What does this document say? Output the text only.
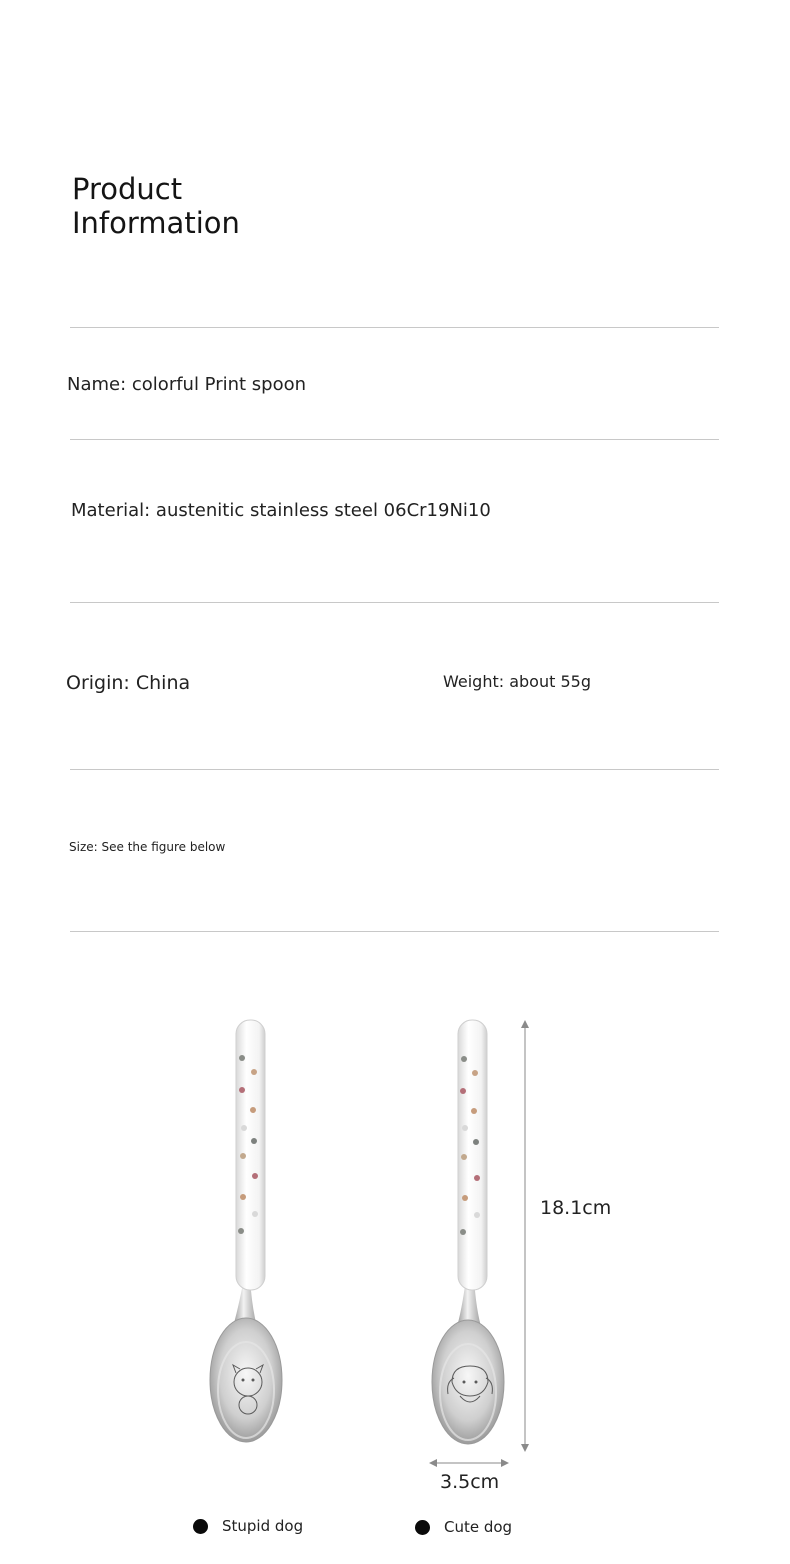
Product
Information
Name: colorful Print spoon
Material: austenitic stainless steel 06Cr19Ni10
Origin: China	Weight: about 55g
Size: See the figure below
18.1cm
3.5cm
Stupid dog	Cute dog
